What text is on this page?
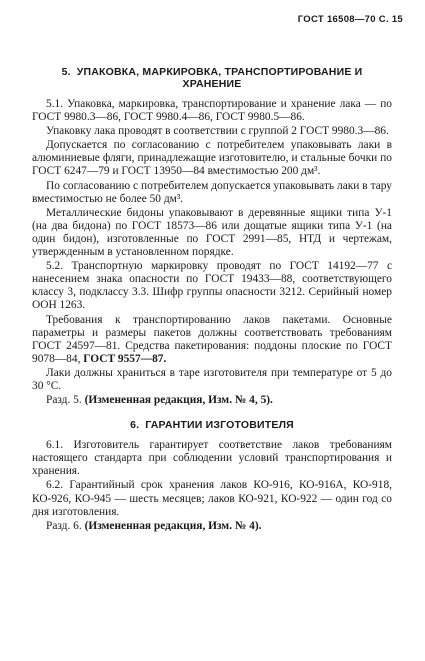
ГОСТ 16508—70 С. 15
5. УПАКОВКА, МАРКИРОВКА, ТРАНСПОРТИРОВАНИЕ И ХРАНЕНИЕ

5.1. Упаковка, маркировка, транспортирование и хранение лака — по ГОСТ 9980.3—86, ГОСТ 9980.4—86, ГОСТ 9980.5—86.

Упаковку лака проводят в соответствии с группой 2 ГОСТ 9980.3—86.

Допускается по согласованию с потребителем упаковывать лаки в алюминиевые фляги, принадлежащие изготовителю, и стальные бочки по ГОСТ 6247—79 и ГОСТ 13950—84 вместимостью 200 дм³.

По согласованию с потребителем допускается упаковывать лаки в тару вместимостью не более 50 дм³.

Металлические бидоны упаковывают в деревянные ящики типа У-1 (на два бидона) по ГОСТ 18573—86 или дощатые ящики типа У-1 (на один бидон), изготовленные по ГОСТ 2991—85, НТД и чертежам, утвержденным в установленном порядке.

5.2. Транспортную маркировку проводят по ГОСТ 14192—77 с нанесением знака опасности по ГОСТ 19433—88, соответствующего классу 3, подклассу 3.3. Шифр группы опасности 3212. Серийный номер ООН 1263.

Требования к транспортированию лаков пакетами. Основные параметры и размеры пакетов должны соответствовать требованиям ГОСТ 24597—81. Средства пакетирования: поддоны плоские по ГОСТ 9078—84, ГОСТ 9557—87.

Лаки должны храниться в таре изготовителя при температуре от 5 до 30 °С.

Разд. 5. (Измененная редакция, Изм. № 4, 5).

6. ГАРАНТИИ ИЗГОТОВИТЕЛЯ

6.1. Изготовитель гарантирует соответствие лаков требованиям настоящего стандарта при соблюдении условий транспортирования и хранения.

6.2. Гарантийный срок хранения лаков КО-916, КО-916А, КО-918, КО-926, КО-945 — шесть месяцев; лаков КО-921, КО-922 — один год со дня изготовления.

Разд. 6. (Измененная редакция, Изм. № 4).
